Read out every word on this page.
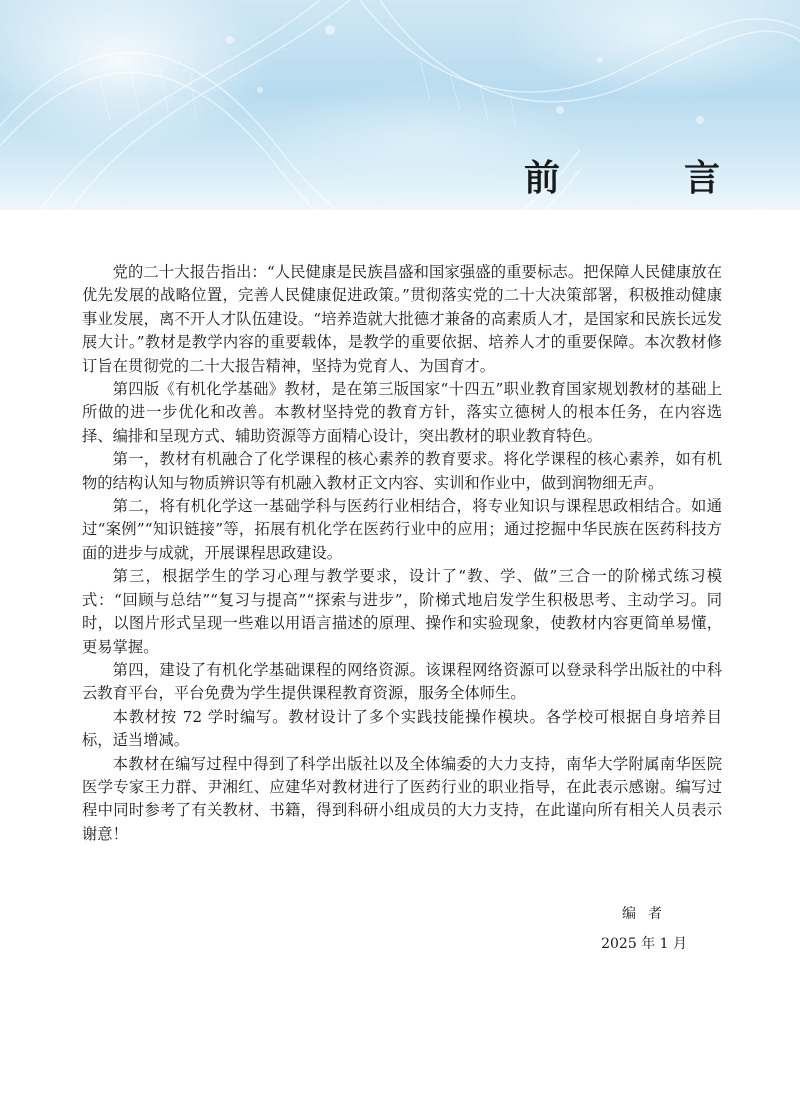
前　言

党的二十大报告指出：“人民健康是民族昌盛和国家强盛的重要标志。把保障人民健康放在优先发展的战略位置，完善人民健康促进政策。”贯彻落实党的二十大决策部署，积极推动健康事业发展，离不开人才队伍建设。“培养造就大批德才兼备的高素质人才，是国家和民族长远发展大计。”教材是教学内容的重要载体，是教学的重要依据、培养人才的重要保障。本次教材修订旨在贯彻党的二十大报告精神，坚持为党育人、为国育才。

第四版《有机化学基础》教材，是在第三版国家“十四五”职业教育国家规划教材的基础上所做的进一步优化和改善。本教材坚持党的教育方针，落实立德树人的根本任务，在内容选择、编排和呈现方式、辅助资源等方面精心设计，突出教材的职业教育特色。

第一，教材有机融合了化学课程的核心素养的教育要求。将化学课程的核心素养，如有机物的结构认知与物质辨识等有机融入教材正文内容、实训和作业中，做到润物细无声。

第二，将有机化学这一基础学科与医药行业相结合，将专业知识与课程思政相结合。如通过“案例”“知识链接”等，拓展有机化学在医药行业中的应用；通过挖掘中华民族在医药科技方面的进步与成就，开展课程思政建设。

第三，根据学生的学习心理与教学要求，设计了“教、学、做”三合一的阶梯式练习模式：“回顾与总结”“复习与提高”“探索与进步”，阶梯式地启发学生积极思考、主动学习。同时，以图片形式呈现一些难以用语言描述的原理、操作和实验现象，使教材内容更简单易懂，更易掌握。

第四，建设了有机化学基础课程的网络资源。该课程网络资源可以登录科学出版社的中科云教育平台，平台免费为学生提供课程教育资源，服务全体师生。

本教材按 72 学时编写。教材设计了多个实践技能操作模块。各学校可根据自身培养目标，适当增减。

本教材在编写过程中得到了科学出版社以及全体编委的大力支持，南华大学附属南华医院医学专家王力群、尹湘红、应建华对教材进行了医药行业的职业指导，在此表示感谢。编写过程中同时参考了有关教材、书籍，得到科研小组成员的大力支持，在此谨向所有相关人员表示谢意！

编者
2025 年 1 月
